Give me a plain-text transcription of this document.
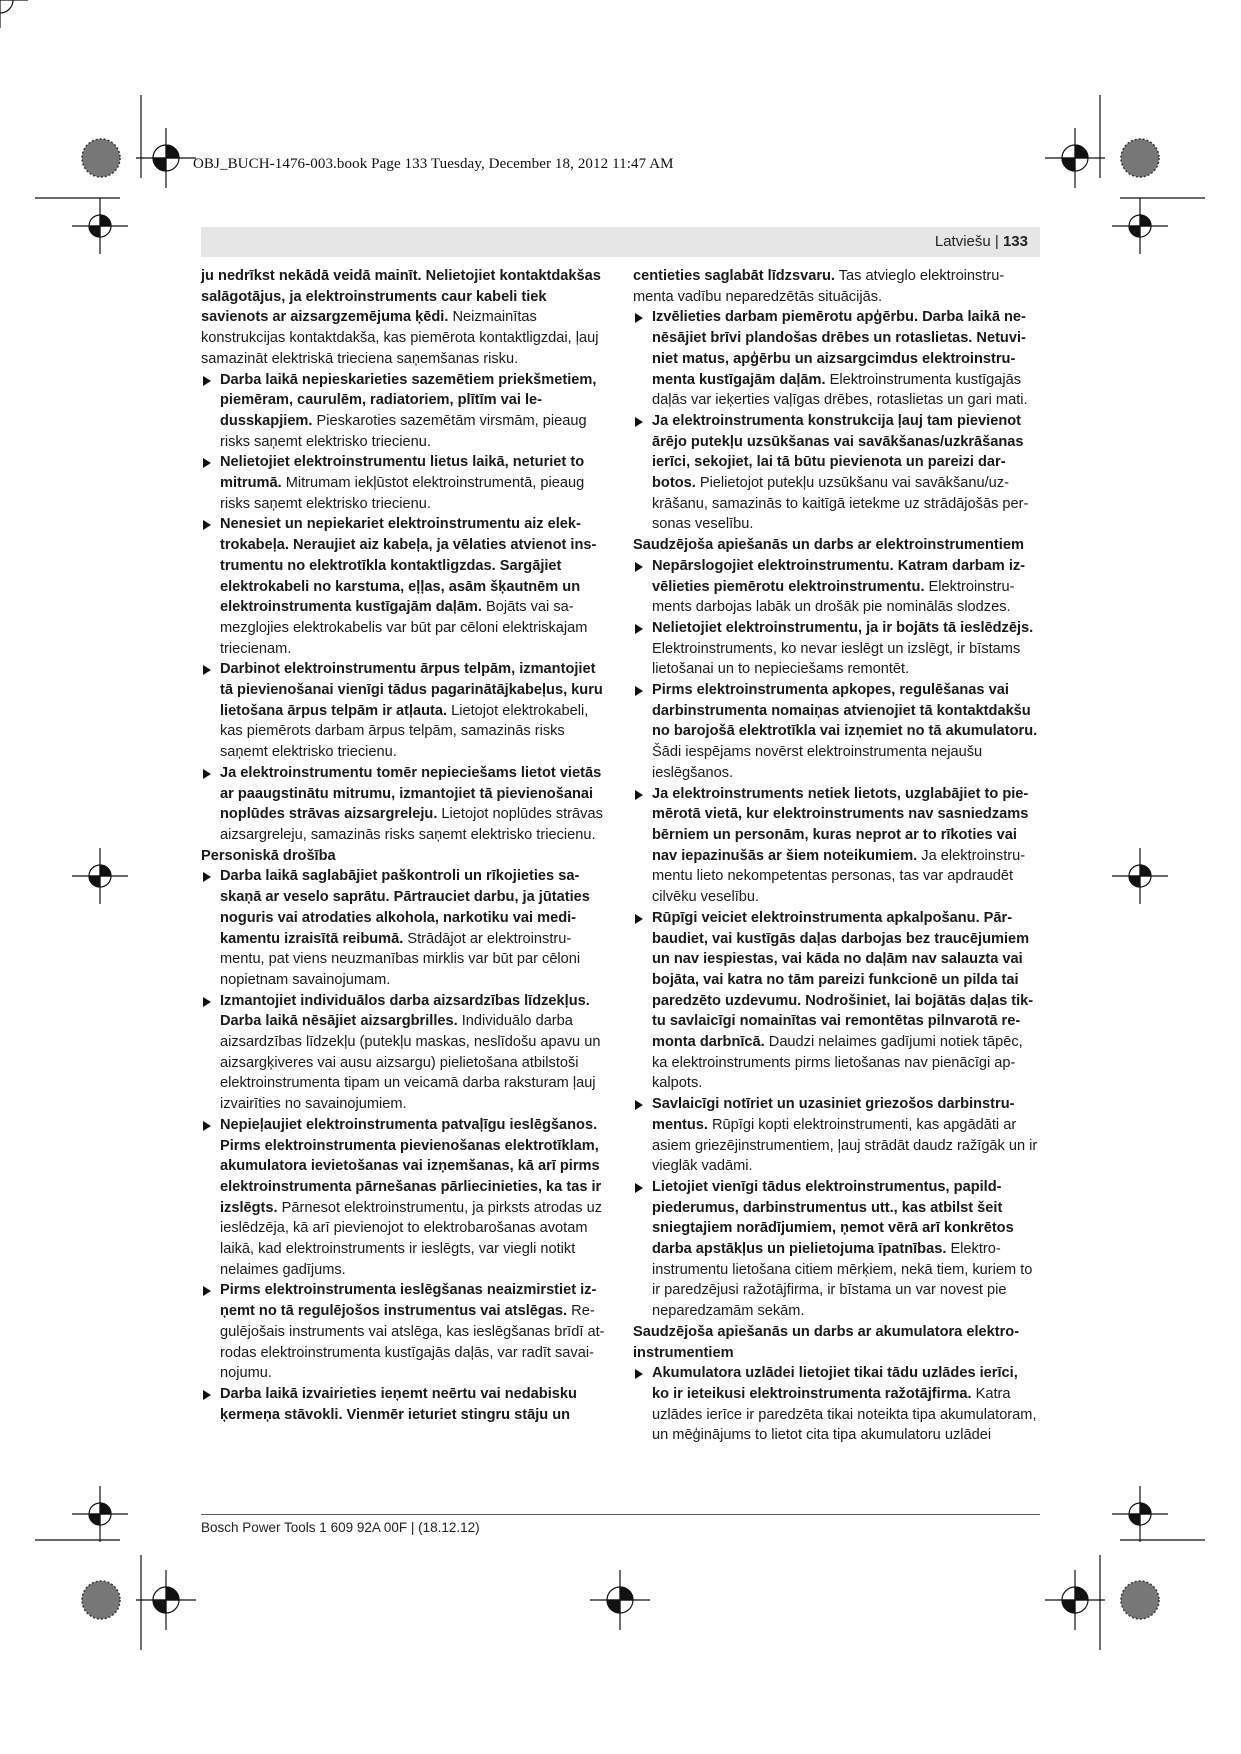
OBJ_BUCH-1476-003.book Page 133 Tuesday, December 18, 2012 11:47 AM
Latviešu | 133

ju nedrīkst nekādā veidā mainīt. Nelietojiet kontaktdakšas salāgotājus, ja elektroinstruments caur kabeli tiek savienots ar aizsargzemējuma ķēdi. Neizmainītas konstrukcijas kontaktdakša, kas piemērota kontaktligzdai, ļauj samazināt elektriskā trieciena saņemšanas risku.

Darba laikā nepieskarieties sazemētiem priekšmetiem, piemēram, caurulēm, radiatoriem, plītīm vai ledusskapjiem. Pieskaroties sazemētām virsmām, pieaug risks saņemt elektrisko triecienu.

Nelietojiet elektroinstrumentu lietus laikā, neturiet to mitrumā. Mitrumam iekļūstot elektroinstrumentā, pieaug risks saņemt elektrisko triecienu.

Nenesiet un nepiekariet elektroinstrumentu aiz elektrokabeļa. Neraujiet aiz kabeļa, ja vēlaties atvienot instrumentu no elektrotīkla kontaktligzdas. Sargājiet elektrokabeli no karstuma, eļļas, asām šķautnēm un elektroinstrumenta kustīgajām daļām. Bojāts vai samezglojies elektrokabelis var būt par cēloni elektriskajam triecienam.

Darbinot elektroinstrumentu ārpus telpām, izmantojiet tā pievienošanai vienīgi tādus pagarinātājkabeļus, kuru lietošana ārpus telpām ir atļauta. Lietojot elektrokabeli, kas piemērots darbam ārpus telpām, samazinās risks saņemt elektrisko triecienu.

Ja elektroinstrumentu tomēr nepieciešams lietot vietās ar paaugstinātu mitrumu, izmantojiet tā pievienošanai noplūdes strāvas aizsargreleju. Lietojot noplūdes strāvas aizsargreleju, samazinās risks saņemt elektrisko triecienu.

Personiskā drošība

Darba laikā saglabājiet paškontroli un rīkojieties saskaņā ar veselo saprātu. Pārtrauciet darbu, ja jūtaties noguris vai atrodaties alkohola, narkotiku vai medikamentu izraisītā reibumā. Strādājot ar elektroinstrumentu, pat viens neuzmanības mirklis var būt par cēloni nopietnam savainojumam.

Izmantojiet individuālos darba aizsardzības līdzekļus. Darba laikā nēsājiet aizsargbrilles. Individuālo darba aizsardzības līdzekļu (putekļu maskas, neslīdošu apavu un aizsargķiveres vai ausu aizsargu) pielietošana atbilstoši elektroinstrumenta tipam un veicamā darba raksturam ļauj izvairīties no savainojumiem.

Nepieļaujiet elektroinstrumenta patvaļīgu ieslēgšanos. Pirms elektroinstrumenta pievienošanas elektrotīklam, akumulatora ievietošanas vai izņemšanas, kā arī pirms elektroinstrumenta pārnešanas pārliecinieties, ka tas ir izslēgts. Pārnesot elektroinstrumentu, ja pirksts atrodas uz ieslēdzēja, kā arī pievienojot to elektrobarošanas avotam laikā, kad elektroinstruments ir ieslēgts, var viegli notikt nelaimes gadījums.

Pirms elektroinstrumenta ieslēgšanas neaizmirstiet izņemt no tā regulējošos instrumentus vai atslēgas. Regulējošais instruments vai atslēga, kas ieslēgšanas brīdī atrodas elektroinstrumenta kustīgajās daļās, var radīt savainojumu.

Darba laikā izvairieties ieņemt neērtu vai nedabisku ķermeņa stāvokli. Vienmēr ieturiet stingru stāju un

centieties saglabāt līdzsvaru. Tas atvieglo elektroinstrumenta vadību neparedzētās situācijās.

Izvēlieties darbam piemērotu apģērbu. Darba laikā nenēsājiet brīvi plandošas drēbes un rotaslietas. Netuviniet matus, apģērbu un aizsargcimdus elektroinstrumenta kustīgajām daļām. Elektroinstrumenta kustīgajās daļās var ieķerties vaļīgas drēbes, rotaslietas un gari mati.

Ja elektroinstrumenta konstrukcija ļauj tam pievienot ārējo putekļu uzsūkšanas vai savākšanas/uzkrāšanas ierīci, sekojiet, lai tā būtu pievienota un pareizi darbotos. Pielietojot putekļu uzsūkšanu vai savākšanu/uzkrāšanu, samazinās to kaitīgā ietekme uz strādājošās personas veselību.

Saudzējoša apiešanās un darbs ar elektroinstrumentiem

Nepārslogojiet elektroinstrumentu. Katram darbam izvēlieties piemērotu elektroinstrumentu. Elektroinstruments darbojas labāk un drošāk pie nominālās slodzes.

Nelietojiet elektroinstrumentu, ja ir bojāts tā ieslēdzējs. Elektroinstruments, ko nevar ieslēgt un izslēgt, ir bīstams lietošanai un to nepieciešams remontēt.

Pirms elektroinstrumenta apkopes, regulēšanas vai darbinstrumenta nomaiņas atvienojiet tā kontaktdakšu no barojošā elektrotīkla vai izņemiet no tā akumulatoru. Šādi iespējams novērst elektroinstrumenta nejaušu ieslēgšanos.

Ja elektroinstruments netiek lietots, uzglabājiet to piemērotā vietā, kur elektroinstruments nav sasniedzams bērniem un personām, kuras neprot ar to rīkoties vai nav iepazinušās ar šiem noteikumiem. Ja elektroinstrumentu lieto nekompetentas personas, tas var apdraudēt cilvēku veselību.

Rūpīgi veiciet elektroinstrumenta apkalpošanu. Pārbaudiet, vai kustīgās daļas darbojas bez traucējumiem un nav iespiestas, vai kāda no daļām nav salauzta vai bojāta, vai katra no tām pareizi funkcionē un pilda tai paredzēto uzdevumu. Nodrošiniet, lai bojātās daļas tiktu savlaicīgi nomainītas vai remontētas pilnvarotā remonta darbnīcā. Daudzi nelaimes gadījumi notiek tāpēc, ka elektroinstruments pirms lietošanas nav pienācīgi apkalpots.

Savlaicīgi notīriet un uzasiniet griezošos darbinstrumentus. Rūpīgi kopti elektroinstrumenti, kas apgādāti ar asiem griezējinstrumentiem, ļauj strādāt daudz ražīgāk un ir vieglāk vadāmi.

Lietojiet vienīgi tādus elektroinstrumentus, papildpiederumus, darbinstrumentus utt., kas atbilst šeit sniegtajiem norādījumiem, ņemot vērā arī konkrētos darba apstākļus un pielietojuma īpatnības. Elektroinstrumentu lietošana citiem mērķiem, nekā tiem, kuriem to ir paredzējusi ražotājfirma, ir bīstama un var novest pie neparedzamām sekām.

Saudzējoša apiešanās un darbs ar akumulatora elektroinstrumentiem

Akumulatora uzlādei lietojiet tikai tādu uzlādes ierīci, ko ir ieteikusi elektroinstrumenta ražotājfirma. Katra uzlādes ierīce ir paredzēta tikai noteikta tipa akumulatoram, un mēģinājums to lietot cita tipa akumulatoru uzlādei

Bosch Power Tools 1 609 92A 00F | (18.12.12)
